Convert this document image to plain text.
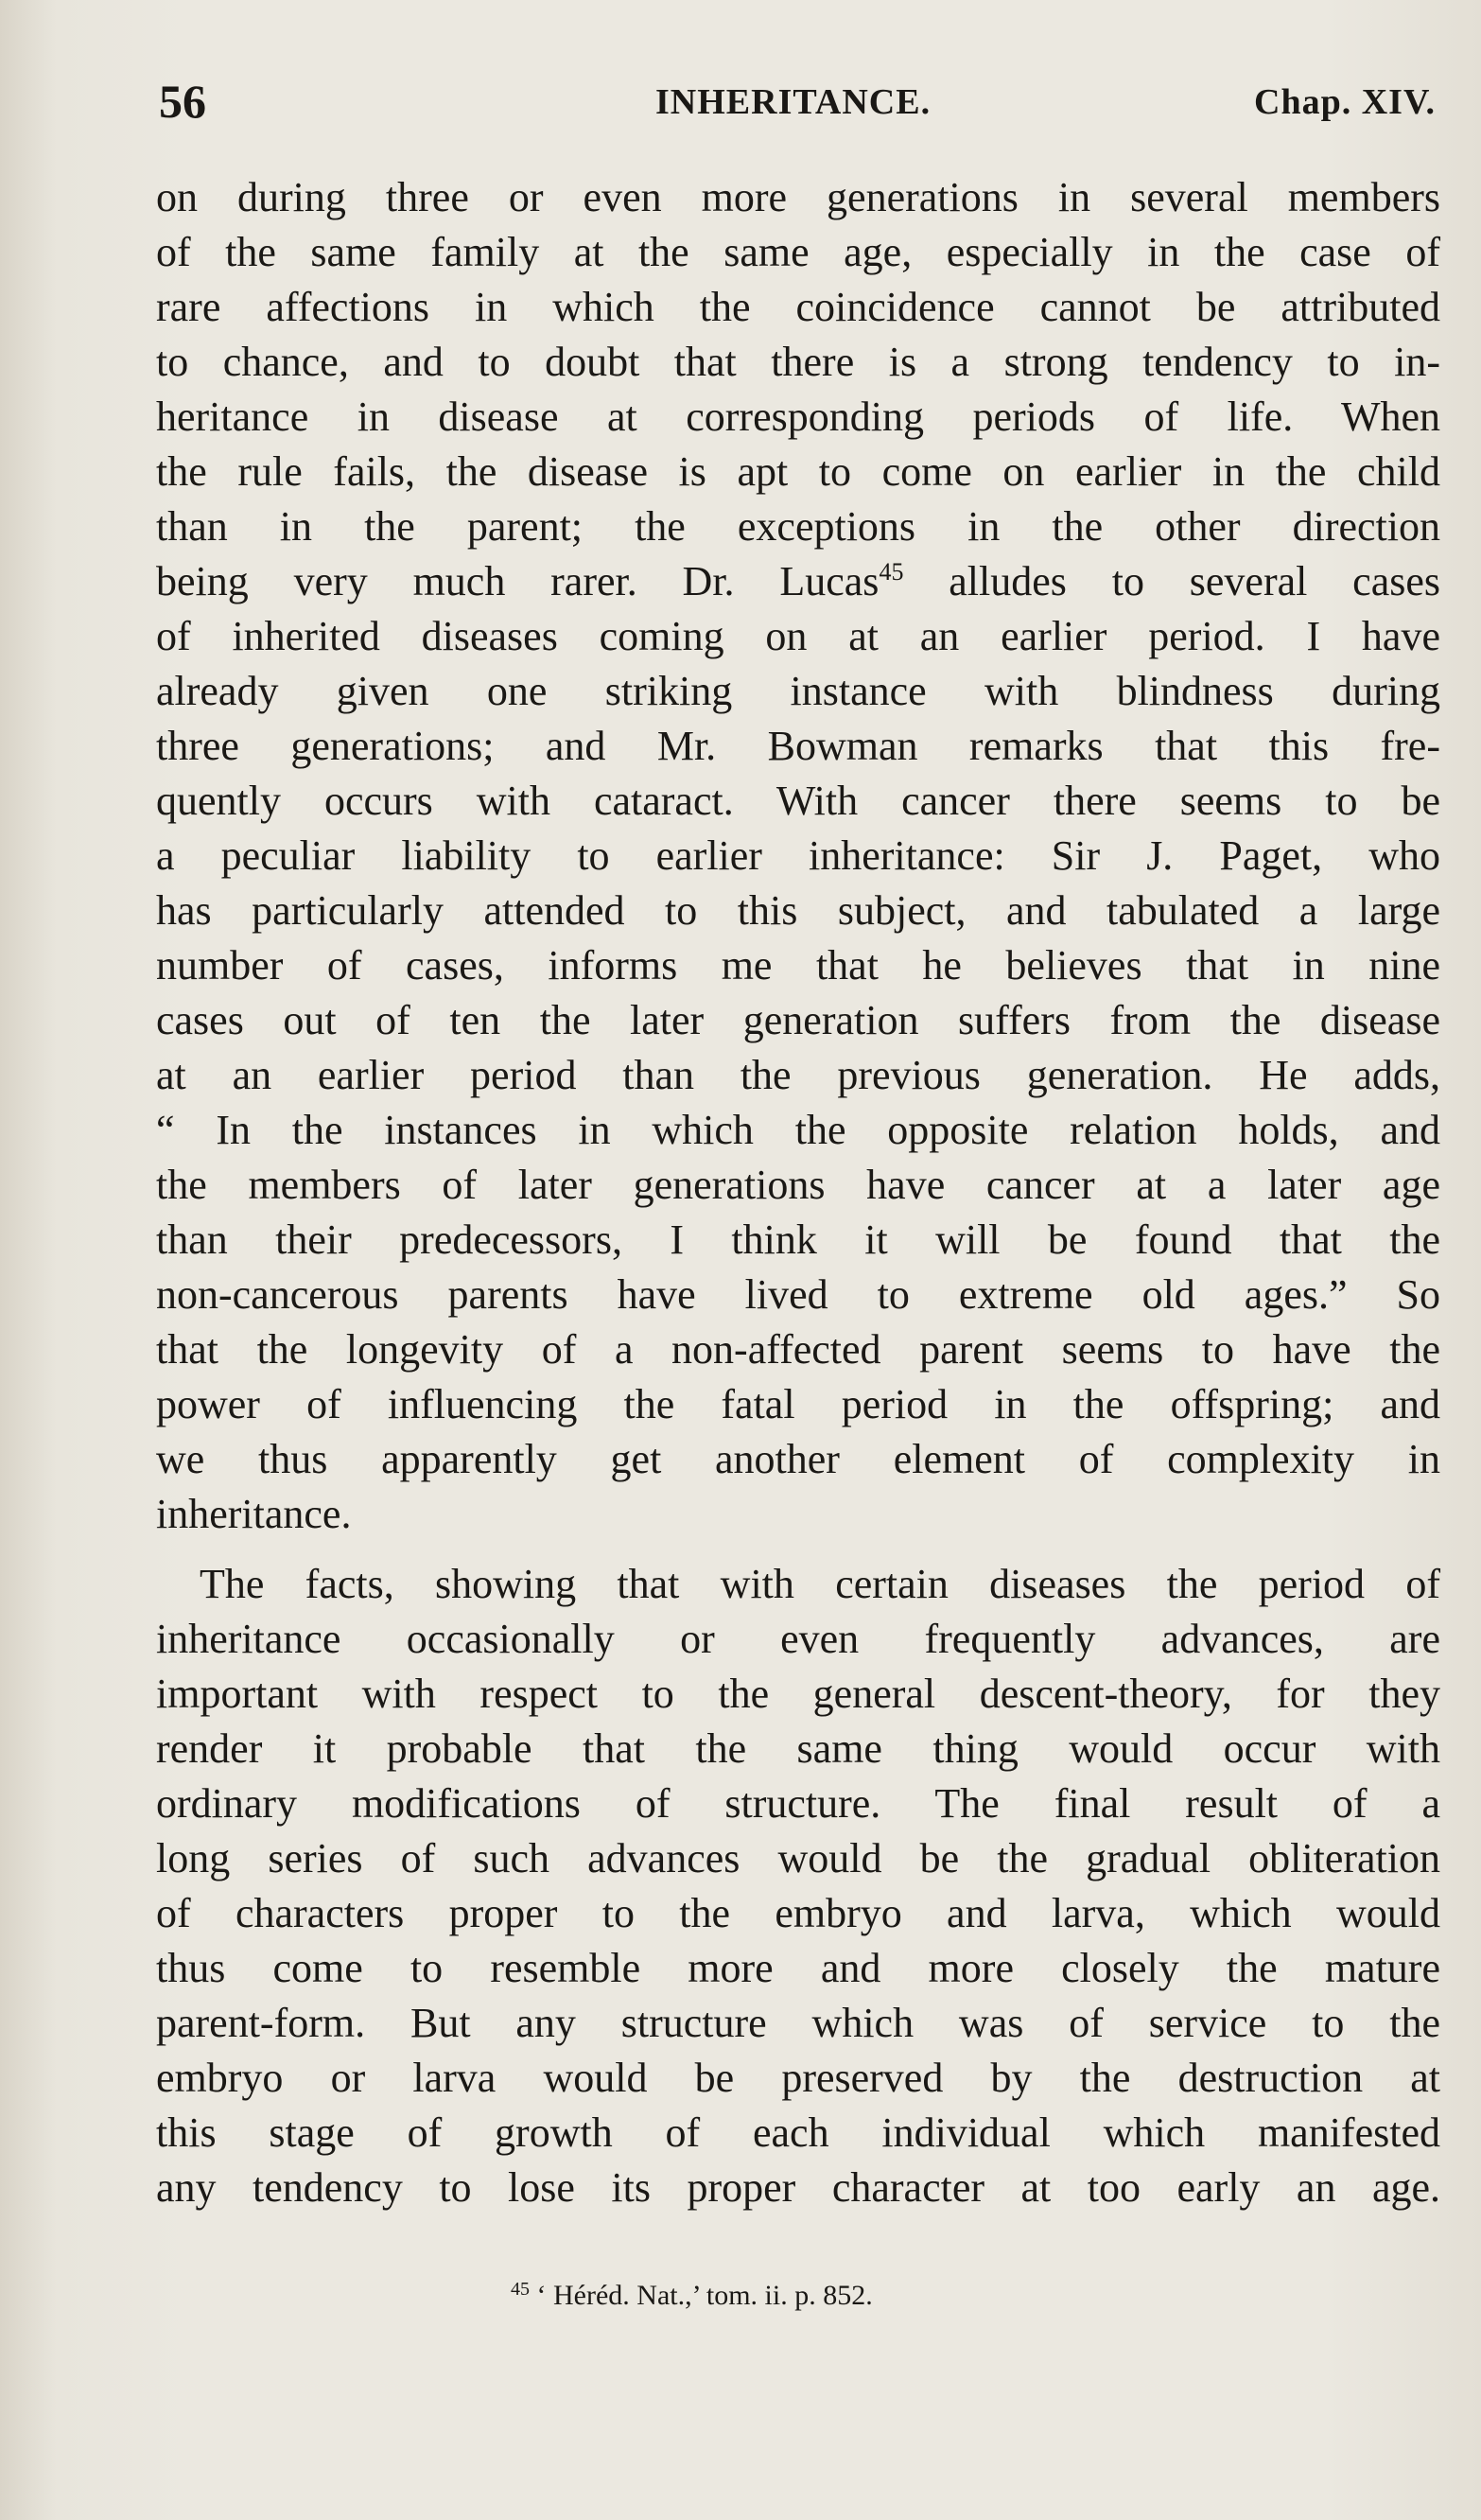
56	INHERITANCE.	Chap. XIV.

on during three or even more generations in several members
of the same family at the same age, especially in the case of
rare affections in which the coincidence cannot be attributed
to chance, and to doubt that there is a strong tendency to in-
heritance in disease at corresponding periods of life. When
the rule fails, the disease is apt to come on earlier in the child
than in the parent; the exceptions in the other direction
being very much rarer. Dr. Lucas$^{45}$ alludes to several cases
of inherited diseases coming on at an earlier period. I have
already given one striking instance with blindness during
three generations; and Mr. Bowman remarks that this fre-
quently occurs with cataract. With cancer there seems to be
a peculiar liability to earlier inheritance: Sir J. Paget, who
has particularly attended to this subject, and tabulated a large
number of cases, informs me that he believes that in nine
cases out of ten the later generation suffers from the disease
at an earlier period than the previous generation. He adds,
“ In the instances in which the opposite relation holds, and
the members of later generations have cancer at a later age
than their predecessors, I think it will be found that the
non-cancerous parents have lived to extreme old ages.” So
that the longevity of a non-affected parent seems to have the
power of influencing the fatal period in the offspring; and
we thus apparently get another element of complexity in
inheritance.

The facts, showing that with certain diseases the period of
inheritance occasionally or even frequently advances, are
important with respect to the general descent-theory, for they
render it probable that the same thing would occur with
ordinary modifications of structure. The final result of a
long series of such advances would be the gradual obliteration
of characters proper to the embryo and larva, which would
thus come to resemble more and more closely the mature
parent-form. But any structure which was of service to the
embryo or larva would be preserved by the destruction at
this stage of growth of each individual which manifested
any tendency to lose its proper character at too early an age.

$^{45}$ ‘ Héréd. Nat.,’ tom. ii. p. 852.
